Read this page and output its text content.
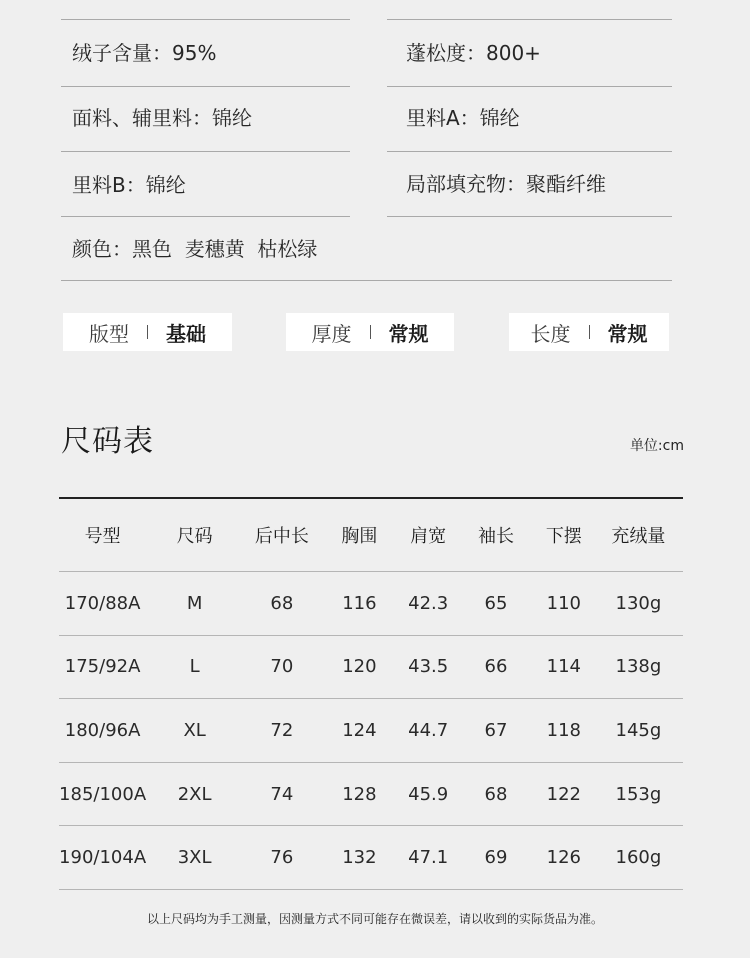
绒子含量：95%	蓬松度：800+
面料、辅里料：锦纶	里料A：锦纶
里料B：锦纶	局部填充物：聚酯纤维
颜色：黑色  麦穗黄  枯松绿
版型 基础	厚度 常规	长度 常规
尺码表	单位:cm
号型	尺码	后中长	胸围	肩宽	袖长	下摆	充绒量
170/88A	M	68	116	42.3	65	110	130g
175/92A	L	70	120	43.5	66	114	138g
180/96A	XL	72	124	44.7	67	118	145g
185/100A	2XL	74	128	45.9	68	122	153g
190/104A	3XL	76	132	47.1	69	126	160g
以上尺码均为手工测量，因测量方式不同可能存在微误差，请以收到的实际货品为准。
